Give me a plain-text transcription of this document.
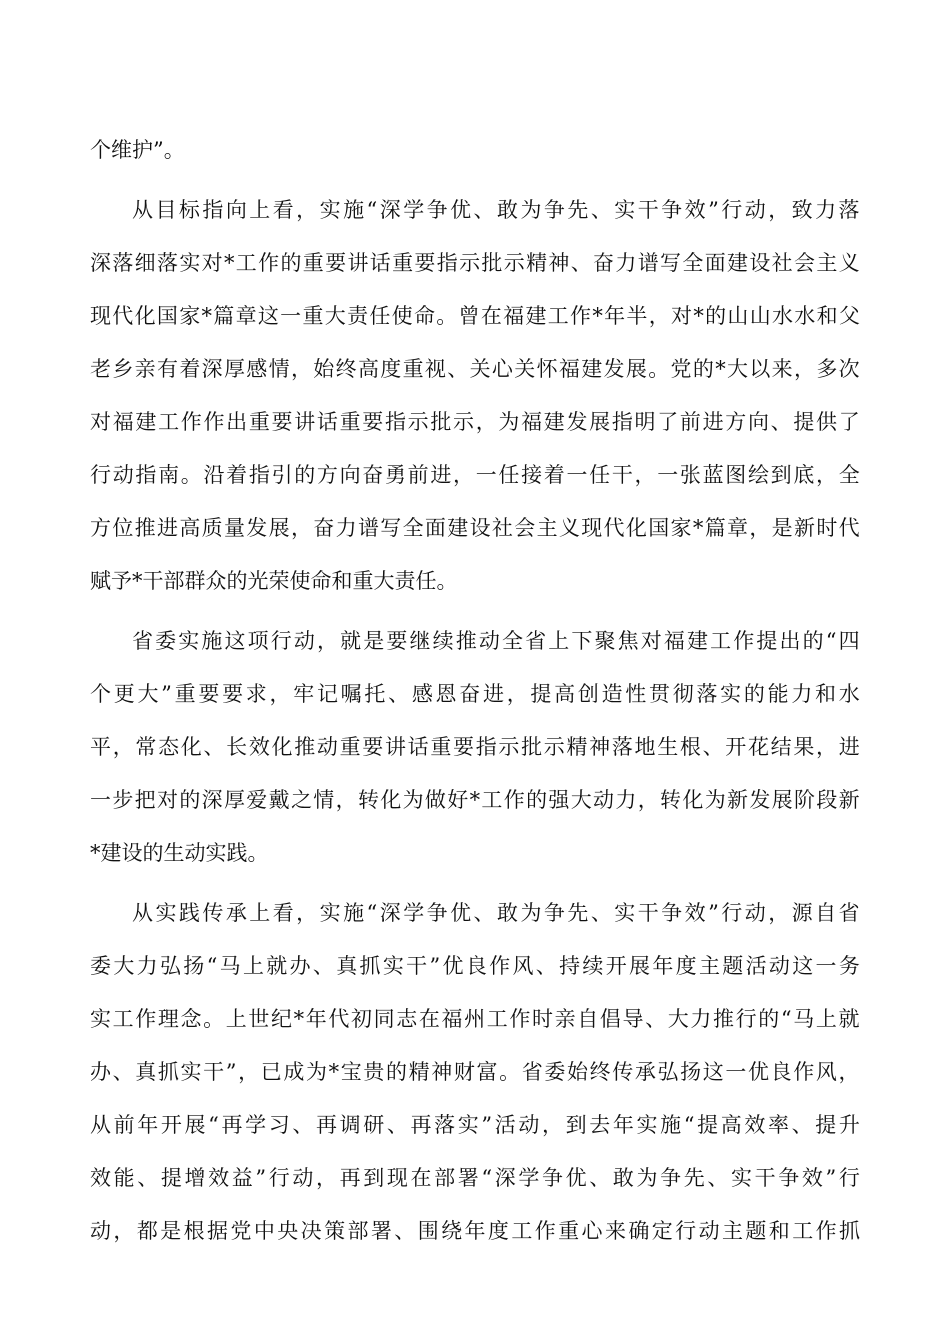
个维护”。
从 目 标 指 向 上 看 ， 实 施 “ 深 学 争 优 、 敢 为 争 先 、 实 干 争 效 ” 行 动 ， 致 力 落
深 落 细 落 实 对 * 工 作 的 重 要 讲 话 重 要 指 示 批 示 精 神 、 奋 力 谱 写 全 面 建 设 社 会 主 义
现 代 化 国 家 * 篇 章 这 一 重 大 责 任 使 命 。 曾 在 福 建 工 作 * 年 半 ， 对 * 的 山 山 水 水 和 父
老 乡 亲 有 着 深 厚 感 情 ， 始 终 高 度 重 视 、 关 心 关 怀 福 建 发 展 。 党 的 * 大 以 来 ， 多 次
对 福 建 工 作 作 出 重 要 讲 话 重 要 指 示 批 示 ， 为 福 建 发 展 指 明 了 前 进 方 向 、 提 供 了
行 动 指 南 。 沿 着 指 引 的 方 向 奋 勇 前 进 ， 一 任 接 着 一 任 干 ， 一 张 蓝 图 绘 到 底 ， 全
方 位 推 进 高 质 量 发 展 ， 奋 力 谱 写 全 面 建 设 社 会 主 义 现 代 化 国 家 * 篇 章 ， 是 新 时 代
赋予*干部群众的光荣使命和重大责任。
省 委 实 施 这 项 行 动 ， 就 是 要 继 续 推 动 全 省 上 下 聚 焦 对 福 建 工 作 提 出 的 “ 四
个 更 大 ” 重 要 要 求 ， 牢 记 嘱 托 、 感 恩 奋 进 ， 提 高 创 造 性 贯 彻 落 实 的 能 力 和 水
平 ， 常 态 化 、 长 效 化 推 动 重 要 讲 话 重 要 指 示 批 示 精 神 落 地 生 根 、 开 花 结 果 ， 进
一 步 把 对 的 深 厚 爱 戴 之 情 ， 转 化 为 做 好 * 工 作 的 强 大 动 力 ， 转 化 为 新 发 展 阶 段 新
*建设的生动实践。
从 实 践 传 承 上 看 ， 实 施 “ 深 学 争 优 、 敢 为 争 先 、 实 干 争 效 ” 行 动 ， 源 自 省
委 大 力 弘 扬 “ 马 上 就 办 、 真 抓 实 干 ” 优 良 作 风 、 持 续 开 展 年 度 主 题 活 动 这 一 务
实 工 作 理 念 。 上 世 纪 * 年 代 初 同 志 在 福 州 工 作 时 亲 自 倡 导 、 大 力 推 行 的 “ 马 上 就
办 、 真 抓 实 干 ” ， 已 成 为 * 宝 贵 的 精 神 财 富 。 省 委 始 终 传 承 弘 扬 这 一 优 良 作 风 ，
从 前 年 开 展 “ 再 学 习 、 再 调 研 、 再 落 实 ” 活 动 ， 到 去 年 实 施 “ 提 高 效 率 、 提 升
效 能 、 提 增 效 益 ” 行 动 ， 再 到 现 在 部 署 “ 深 学 争 优 、 敢 为 争 先 、 实 干 争 效 ” 行
动 ， 都 是 根 据 党 中 央 决 策 部 署 、 围 绕 年 度 工 作 重 心 来 确 定 行 动 主 题 和 工 作 抓
